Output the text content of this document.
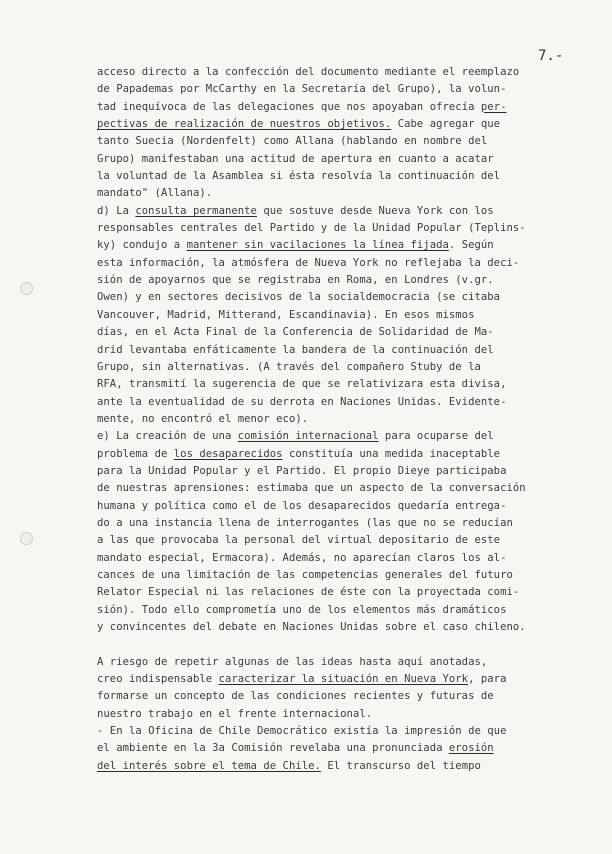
7.-
acceso directo a la confección del documento mediante el reemplazo
de Papademas por McCarthy en la Secretaría del Grupo), la volun-
tad inequívoca de las delegaciones que nos apoyaban ofrecía per-
pectivas de realización de nuestros objetivos. Cabe agregar que
tanto Suecia (Nordenfelt) como Allana (hablando en nombre del
Grupo) manifestaban una actitud de apertura en cuanto a acatar
la voluntad de la Asamblea si ésta resolvía la continuación del
mandato" (Allana).
d) La consulta permanente que sostuve desde Nueva York con los
responsables centrales del Partido y de la Unidad Popular (Teplins-
ky) condujo a mantener sin vacilaciones la línea fijada. Según
esta información, la atmósfera de Nueva York no reflejaba la deci-
sión de apoyarnos que se registraba en Roma, en Londres (v.gr.
Owen) y en sectores decisivos de la socialdemocracia (se citaba
Vancouver, Madrid, Mitterand, Escandinavia). En esos mismos
días, en el Acta Final de la Conferencia de Solidaridad de Ma-
drid levantaba enfáticamente la bandera de la continuación del
Grupo, sin alternativas. (A través del compañero Stuby de la
RFA, transmití la sugerencia de que se relativizara esta divisa,
ante la eventualidad de su derrota en Naciones Unidas. Evidente-
mente, no encontró el menor eco).
e) La creación de una comisión internacional para ocuparse del
problema de los desaparecidos constituía una medida inaceptable
para la Unidad Popular y el Partido. El propio Dieye participaba
de nuestras aprensiones: estimaba que un aspecto de la conversación
humana y política como el de los desaparecidos quedaría entrega-
do a una instancia llena de interrogantes (las que no se reducían
a las que provocaba la personal del virtual depositario de este
mandato especial, Ermacora). Además, no aparecían claros los al-
cances de una limitación de las competencias generales del futuro
Relator Especial ni las relaciones de éste con la proyectada comi-
sión). Todo ello comprometía uno de los elementos más dramáticos
y convincentes del debate en Naciones Unidas sobre el caso chileno.
A riesgo de repetir algunas de las ideas hasta aquí anotadas,
creo indispensable caracterizar la situación en Nueva York, para
formarse un concepto de las condiciones recientes y futuras de
nuestro trabajo en el frente internacional.
- En la Oficina de Chile Democrático existía la impresión de que
el ambiente en la 3a Comisión revelaba una pronunciada erosión
del interés sobre el tema de Chile. El transcurso del tiempo
